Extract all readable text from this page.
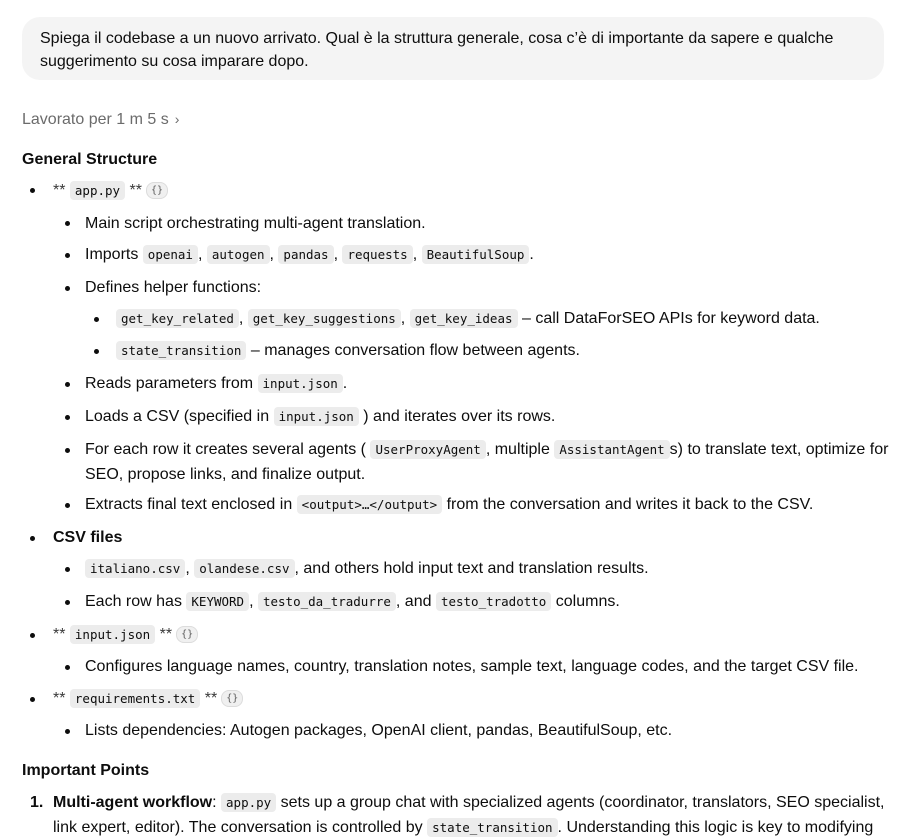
Spiega il codebase a un nuovo arrivato. Qual è la struttura generale, cosa c’è di importante da sapere e qualche suggerimento su cosa imparare dopo.
Lavorato per 1 m 5 s ›
General Structure
** app.py ** {}
Main script orchestrating multi-agent translation.
Imports openai , autogen , pandas , requests , BeautifulSoup .
Defines helper functions:
get_key_related , get_key_suggestions , get_key_ideas – call DataForSEO APIs for keyword data.
state_transition – manages conversation flow between agents.
Reads parameters from input.json .
Loads a CSV (specified in input.json ) and iterates over its rows.
For each row it creates several agents ( UserProxyAgent , multiple AssistantAgent s) to translate text, optimize for
SEO, propose links, and finalize output.
Extracts final text enclosed in <output>…</output> from the conversation and writes it back to the CSV.
CSV files
italiano.csv , olandese.csv , and others hold input text and translation results.
Each row has KEYWORD , testo_da_tradurre , and testo_tradotto columns.
** input.json ** {}
Configures language names, country, translation notes, sample text, language codes, and the target CSV file.
** requirements.txt ** {}
Lists dependencies: Autogen packages, OpenAI client, pandas, BeautifulSoup, etc.
Important Points
1. Multi-agent workflow: app.py sets up a group chat with specialized agents (coordinator, translators, SEO specialist,
link expert, editor). The conversation is controlled by state_transition . Understanding this logic is key to modifying
